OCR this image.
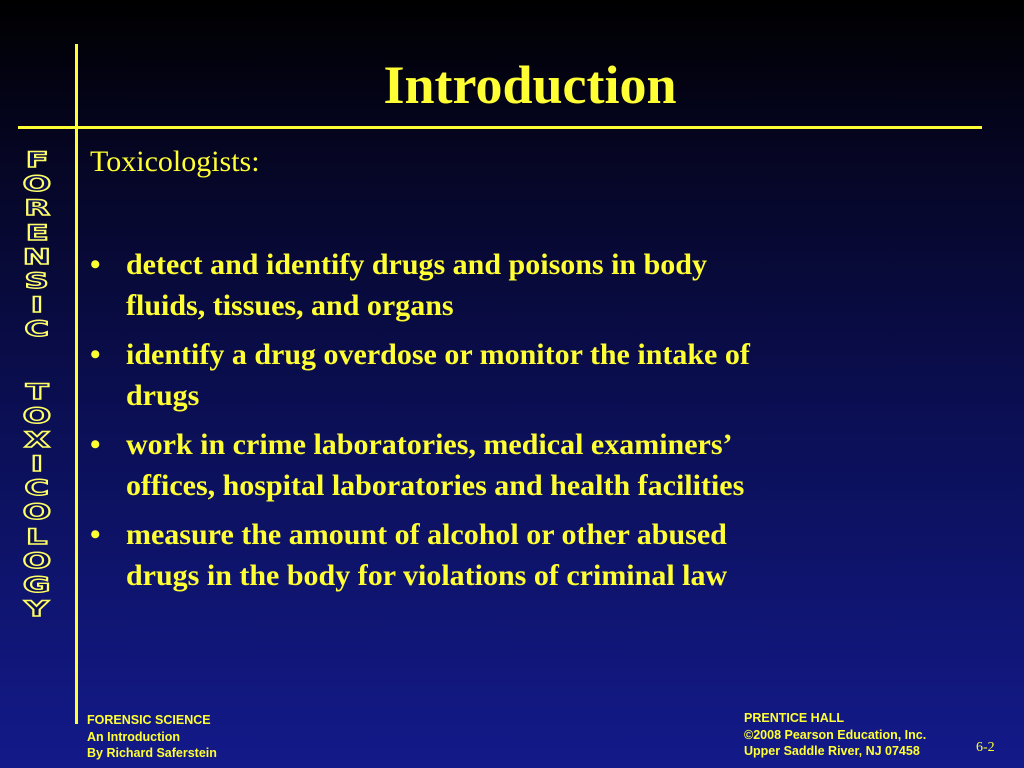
F
O
R
E
N
S
I
C
T
O
X
I
C
O
L
O
G
Y
Introduction
Toxicologists:
• detect and identify drugs and poisons in body
fluids, tissues, and organs
• identify a drug overdose or monitor the intake of
drugs
• work in crime laboratories, medical examiners’
offices, hospital laboratories and health facilities
• measure the amount of alcohol or other abused
drugs in the body for violations of criminal law
FORENSIC SCIENCE
An Introduction
By Richard Saferstein
PRENTICE HALL
©2008 Pearson Education, Inc.
Upper Saddle River, NJ 07458	6-2
